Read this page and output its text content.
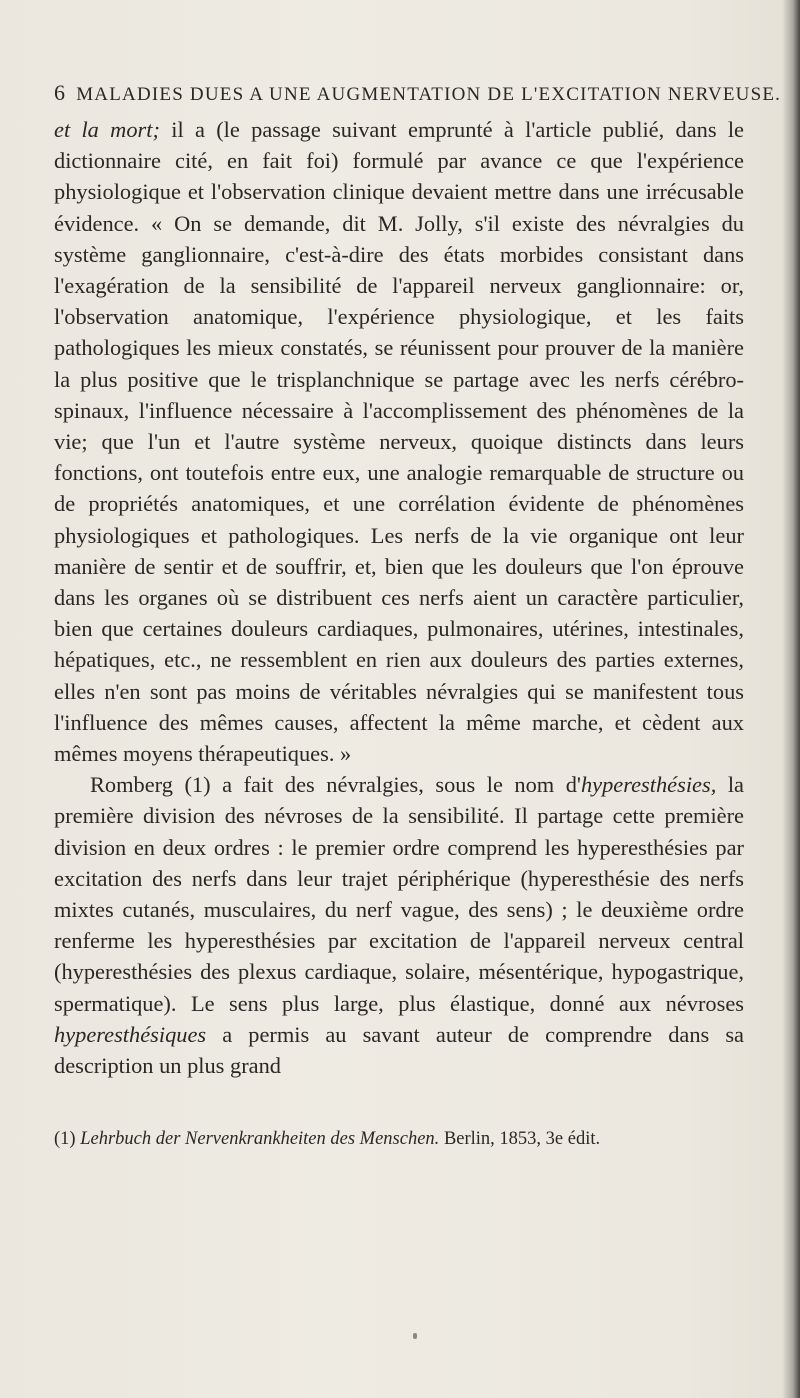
6 MALADIES DUES A UNE AUGMENTATION DE L'EXCITATION NERVEUSE.

et la mort; il a (le passage suivant emprunté à l'article publié, dans le dictionnaire cité, en fait foi) formulé par avance ce que l'expérience physiologique et l'observation clinique devaient mettre dans une irrécusable évidence. « On se demande, dit M. Jolly, s'il existe des névralgies du système ganglionnaire, c'est-à-dire des états morbides consistant dans l'exagération de la sensibilité de l'appareil nerveux ganglionnaire: or, l'observation anatomique, l'expérience physiologique, et les faits pathologiques les mieux constatés, se réunissent pour prouver de la manière la plus positive que le trisplanchnique se partage avec les nerfs cérébro-spinaux, l'influence nécessaire à l'accomplissement des phénomènes de la vie; que l'un et l'autre système nerveux, quoique distincts dans leurs fonctions, ont toutefois entre eux, une analogie remarquable de structure ou de propriétés anatomiques, et une corrélation évidente de phénomènes physiologiques et pathologiques. Les nerfs de la vie organique ont leur manière de sentir et de souffrir, et, bien que les douleurs que l'on éprouve dans les organes où se distribuent ces nerfs aient un caractère particulier, bien que certaines douleurs cardiaques, pulmonaires, utérines, intestinales, hépatiques, etc., ne ressemblent en rien aux douleurs des parties externes, elles n'en sont pas moins de véritables névralgies qui se manifestent tous l'influence des mêmes causes, affectent la même marche, et cèdent aux mêmes moyens thérapeutiques. »

Romberg (1) a fait des névralgies, sous le nom d'hyperesthésies, la première division des névroses de la sensibilité. Il partage cette première division en deux ordres : le premier ordre comprend les hyperesthésies par excitation des nerfs dans leur trajet périphérique (hyperesthésie des nerfs mixtes cutanés, musculaires, du nerf vague, des sens) ; le deuxième ordre renferme les hyperesthésies par excitation de l'appareil nerveux central (hyperesthésies des plexus cardiaque, solaire, mésentérique, hypogastrique, spermatique). Le sens plus large, plus élastique, donné aux névroses hyperesthésiques a permis au savant auteur de comprendre dans sa description un plus grand

(1) Lehrbuch der Nervenkrankheiten des Menschen. Berlin, 1853, 3e édit.
